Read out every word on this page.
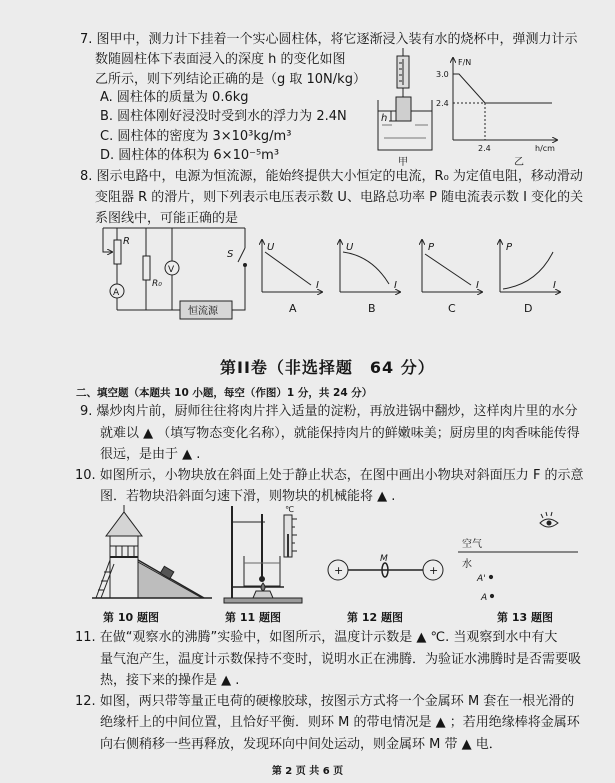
7. 图甲中，测力计下挂着一个实心圆柱体，将它逐渐浸入装有水的烧杯中，弹测力计示
数随圆柱体下表面浸入的深度 h 的变化如图
乙所示，则下列结论正确的是（g 取 10N/kg）
A. 圆柱体的质量为 0.6kg
B. 圆柱体刚好浸没时受到水的浮力为 2.4N
C. 圆柱体的密度为 3×10³kg/m³
D. 圆柱体的体积为 6×10⁻⁵m³
8. 图示电路中，电源为恒流源，能始终提供大小恒定的电流，R₀ 为定值电阻，移动滑动
变阻器 R 的滑片，则下列表示电压表示数 U、电路总功率 P 随电流表示数 I 变化的关
系图线中，可能正确的是
第II卷（非选择题　64 分）
二、填空题（本题共 10 小题，每空（作图）1 分，共 24 分）
9. 爆炒肉片前，厨师往往将肉片拌入适量的淀粉，再放进锅中翻炒，这样肉片里的水分
就难以 ▲ （填写物态变化名称），就能保持肉片的鲜嫩味美；厨房里的肉香味能传得
很远，是由于 ▲ .
10. 如图所示，小物块放在斜面上处于静止状态，在图中画出小物块对斜面压力 F 的示意
图．若物块沿斜面匀速下滑，则物块的机械能将 ▲ .
第 10 题图	第 11 题图	第 12 题图	第 13 题图
11. 在做“观察水的沸腾”实验中，如图所示，温度计示数是 ▲ ℃. 当观察到水中有大
量气泡产生，温度计示数保持不变时，说明水正在沸腾．为验证水沸腾时是否需要吸
热，接下来的操作是 ▲ .
12. 如图，两只带等量正电荷的硬橡胶球，按图示方式将一个金属环 M 套在一根光滑的
绝缘杆上的中间位置，且恰好平衡．则环 M 的带电情况是 ▲ ；若用绝缘棒将金属环
向右侧稍移一些再释放，发现环向中间处运动，则金属环 M 带 ▲ 电．
第 2 页 共 6 页
h
甲
F/N
3.0
2.4
2.4	h/cm
乙
R
A
R₀
V
S
恒流源
U
I
A
U
I
B
P
I
C
P
I
D
℃
+	+
M
空气
水
A'
A
